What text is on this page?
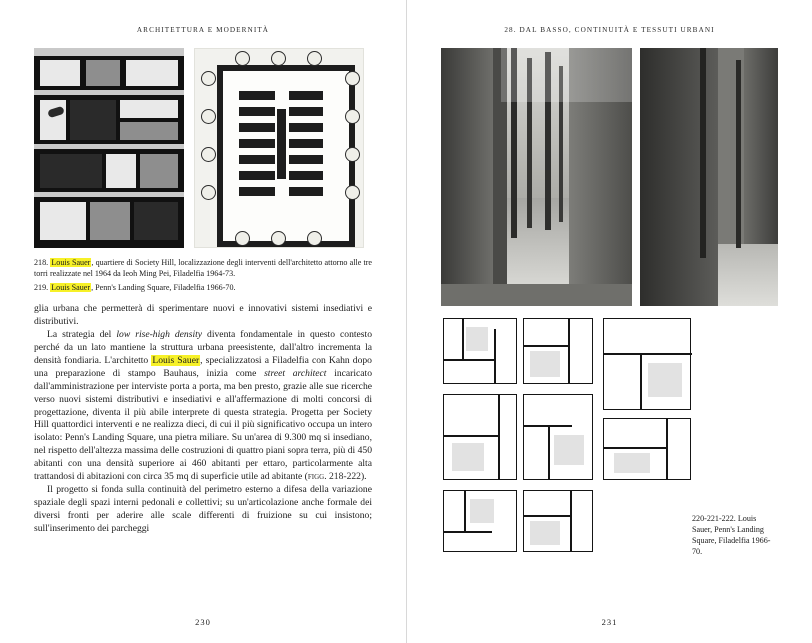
ARCHITETTURA E MODERNITÀ

218. Louis Sauer, quartiere di Society Hill, localizzazione degli interventi dell'architetto attorno alle tre torri realizzate nel 1964 da Ieoh Ming Pei, Filadelfia 1964-73.

219. Louis Sauer, Penn's Landing Square, Filadelfia 1966-70.

glia urbana che permetterà di sperimentare nuovi e innovativi sistemi insediativi e distributivi.

La strategia del low rise-high density diventa fondamentale in questo contesto perché da un lato mantiene la struttura urbana preesistente, dall'altro incrementa la densità fondiaria. L'architetto Louis Sauer, specializzatosi a Filadelfia con Kahn dopo una preparazione di stampo Bauhaus, inizia come street architect incaricato dall'amministrazione per interviste porta a porta, ma ben presto, grazie alle sue ricerche verso nuovi sistemi distributivi e insediativi e all'affermazione di molti concorsi di progettazione, diventa il più abile interprete di questa strategia. Progetta per Society Hill quattordici interventi e ne realizza dieci, di cui il più significativo occupa un intero isolato: Penn's Landing Square, una pietra miliare. Su un'area di 9.300 mq si insediano, nel rispetto dell'altezza massima delle costruzioni di quattro piani sopra terra, più di 450 abitanti con una densità superiore ai 460 abitanti per ettaro, particolarmente alta trattandosi di abitazioni con circa 35 mq di superficie utile ad abitante (figg. 218-222).

Il progetto si fonda sulla continuità del perimetro esterno a difesa della variazione spaziale degli spazi interni pedonali e collettivi; su un'articolazione anche formale dei diversi fronti per aderire alle scale differenti di fruizione su cui insistono; sull'inserimento dei parcheggi

230
28. DAL BASSO, CONTINUITÀ E TESSUTI URBANI
220-221-222. Louis Sauer, Penn's Landing Square, Filadelfia 1966-70.
231
